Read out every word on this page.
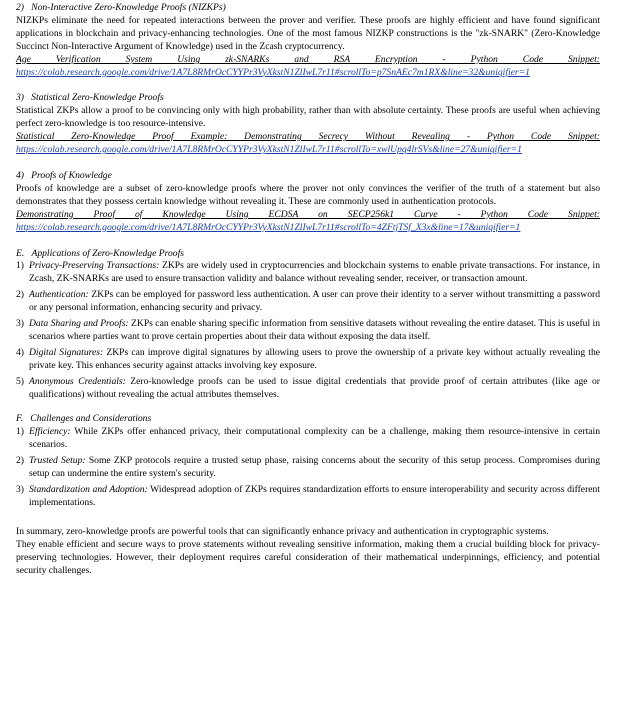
2)   Non-Interactive Zero-Knowledge Proofs (NIZKPs)

NIZKPs eliminate the need for repeated interactions between the prover and verifier. These proofs are highly efficient and have found significant applications in blockchain and privacy-enhancing technologies. One of the most famous NIZKP constructions is the "zk-SNARK" (Zero-Knowledge Succinct Non-Interactive Argument of Knowledge) used in the Zcash cryptocurrency.

Age Verification System Using zk-SNARKs and RSA Encryption - Python Code Snippet:

https://colab.research.google.com/drive/1A7L8RMrOcCYYPr3VyXkstN1ZlIwL7r11#scrollTo=p7SnAEc7m1RX&line=32&uniqifier=1

3)   Statistical Zero-Knowledge Proofs

Statistical ZKPs allow a proof to be convincing only with high probability, rather than with absolute certainty. These proofs are useful when achieving perfect zero-knowledge is too resource-intensive.

Statistical Zero-Knowledge Proof Example: Demonstrating Secrecy Without Revealing - Python Code Snippet:

https://colab.research.google.com/drive/1A7L8RMrOcCYYPr3VyXkstN1ZlIwL7r11#scrollTo=xwlUpq4lrSVs&line=27&uniqifier=1

4)   Proofs of Knowledge

Proofs of knowledge are a subset of zero-knowledge proofs where the prover not only convinces the verifier of the truth of a statement but also demonstrates that they possess certain knowledge without revealing it. These are commonly used in authentication protocols.

Demonstrating Proof of Knowledge Using ECDSA on SECP256k1 Curve - Python Code Snippet:

https://colab.research.google.com/drive/1A7L8RMrOcCYYPr3VyXkstN1ZlIwL7r11#scrollTo=4ZFtjTSf_X3x&line=17&uniqifier=1

E.   Applications of Zero-Knowledge Proofs

1) Privacy-Preserving Transactions: ZKPs are widely used in cryptocurrencies and blockchain systems to enable private transactions. For instance, in Zcash, ZK-SNARKs are used to ensure transaction validity and balance without revealing sender, receiver, or transaction amount.
2) Authentication: ZKPs can be employed for password less authentication. A user can prove their identity to a server without transmitting a password or any personal information, enhancing security and privacy.
3) Data Sharing and Proofs: ZKPs can enable sharing specific information from sensitive datasets without revealing the entire dataset. This is useful in scenarios where parties want to prove certain properties about their data without exposing the data itself.
4) Digital Signatures: ZKPs can improve digital signatures by allowing users to prove the ownership of a private key without actually revealing the private key. This enhances security against attacks involving key exposure.
5) Anonymous Credentials: Zero-knowledge proofs can be used to issue digital credentials that provide proof of certain attributes (like age or qualifications) without revealing the actual attributes themselves.

F.   Challenges and Considerations

1) Efficiency: While ZKPs offer enhanced privacy, their computational complexity can be a challenge, making them resource-intensive in certain scenarios.
2) Trusted Setup: Some ZKP protocols require a trusted setup phase, raising concerns about the security of this setup process. Compromises during setup can undermine the entire system's security.
3) Standardization and Adoption: Widespread adoption of ZKPs requires standardization efforts to ensure interoperability and security across different implementations.

In summary, zero-knowledge proofs are powerful tools that can significantly enhance privacy and authentication in cryptographic systems.

They enable efficient and secure ways to prove statements without revealing sensitive information, making them a crucial building block for privacy-preserving technologies. However, their deployment requires careful consideration of their mathematical underpinnings, efficiency, and potential security challenges.
